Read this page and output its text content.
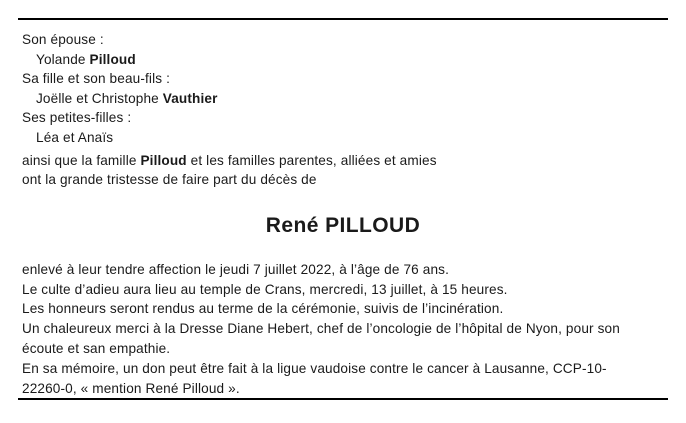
Son épouse :
Yolande Pilloud
Sa fille et son beau-fils :
Joëlle et Christophe Vauthier
Ses petites-filles :
Léa et Anaïs
ainsi que la famille Pilloud et les familles parentes, alliées et amies
ont la grande tristesse de faire part du décès de
René PILLOUD
enlevé à leur tendre affection le jeudi 7 juillet 2022, à l’âge de 76 ans.
Le culte d’adieu aura lieu au temple de Crans, mercredi, 13 juillet, à 15 heures.
Les honneurs seront rendus au terme de la cérémonie, suivis de l’incinération.
Un chaleureux merci à la Dresse Diane Hebert, chef de l’oncologie de l’hôpital de Nyon, pour son
écoute et san empathie.
En sa mémoire, un don peut être fait à la ligue vaudoise contre le cancer à Lausanne, CCP-10-
22260-0, « mention René Pilloud ».
